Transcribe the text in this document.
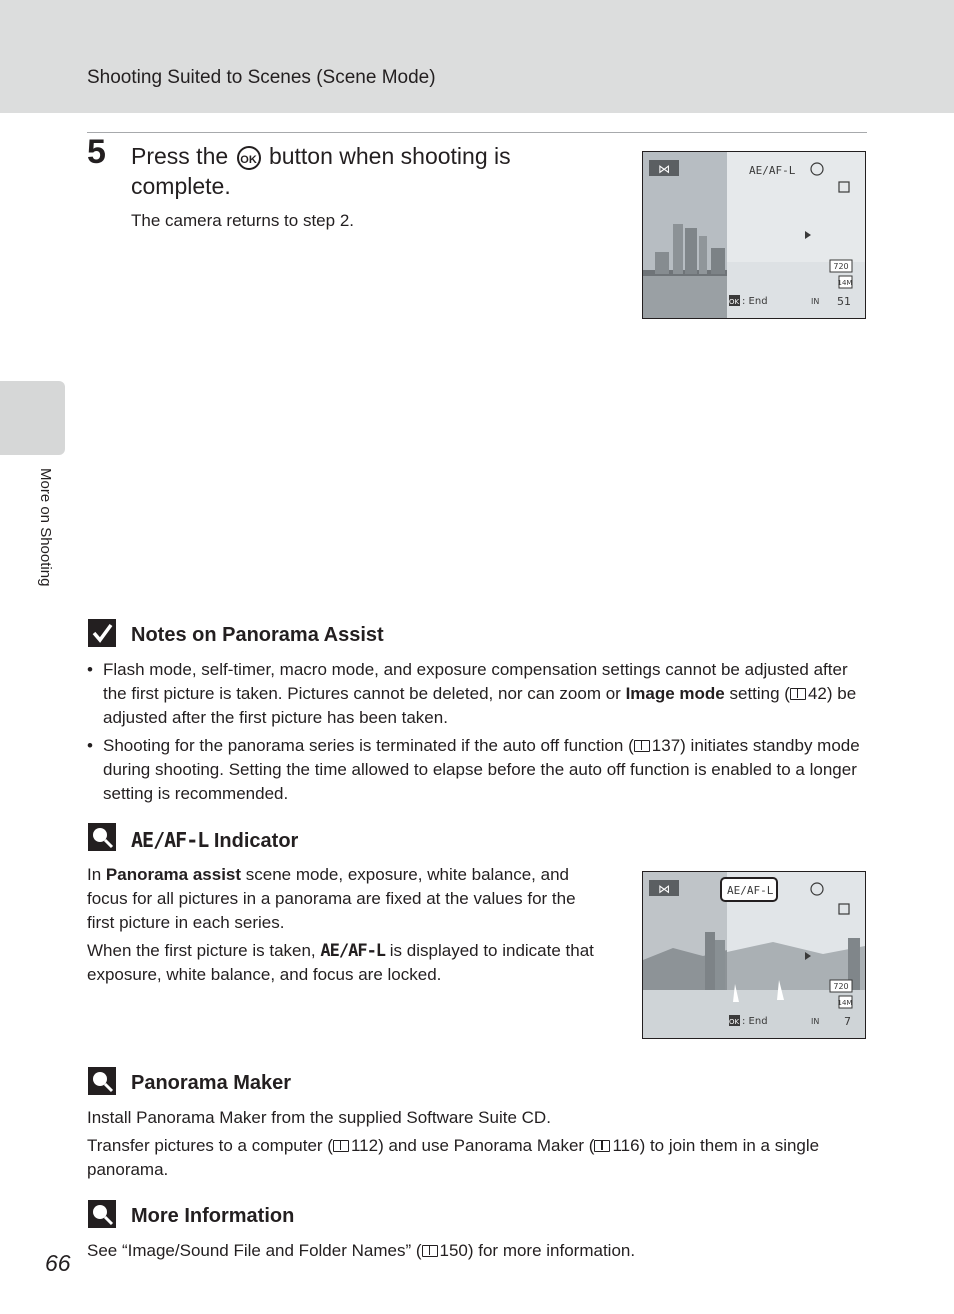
Shooting Suited to Scenes (Scene Mode)
More on Shooting
5 Press the OK button when shooting is complete.
The camera returns to step 2.
⋈	AE/AF-L
720
14M
OK : End	IN 51
Notes on Panorama Assist
• Flash mode, self-timer, macro mode, and exposure compensation settings cannot be adjusted after the first picture is taken. Pictures cannot be deleted, nor can zoom or Image mode setting ( 42) be adjusted after the first picture has been taken.
• Shooting for the panorama series is terminated if the auto off function ( 137) initiates standby mode during shooting. Setting the time allowed to elapse before the auto off function is enabled to a longer setting is recommended.
AE/AF-L Indicator
In Panorama assist scene mode, exposure, white balance, and focus for all pictures in a panorama are fixed at the values for the first picture in each series.
When the first picture is taken, AE/AF-L is displayed to indicate that exposure, white balance, and focus are locked.
⋈	AE/AF-L
720
14M
OK : End	IN 7
Panorama Maker
Install Panorama Maker from the supplied Software Suite CD.
Transfer pictures to a computer ( 112) and use Panorama Maker ( 116) to join them in a single panorama.
More Information
See “Image/Sound File and Folder Names” ( 150) for more information.
66
